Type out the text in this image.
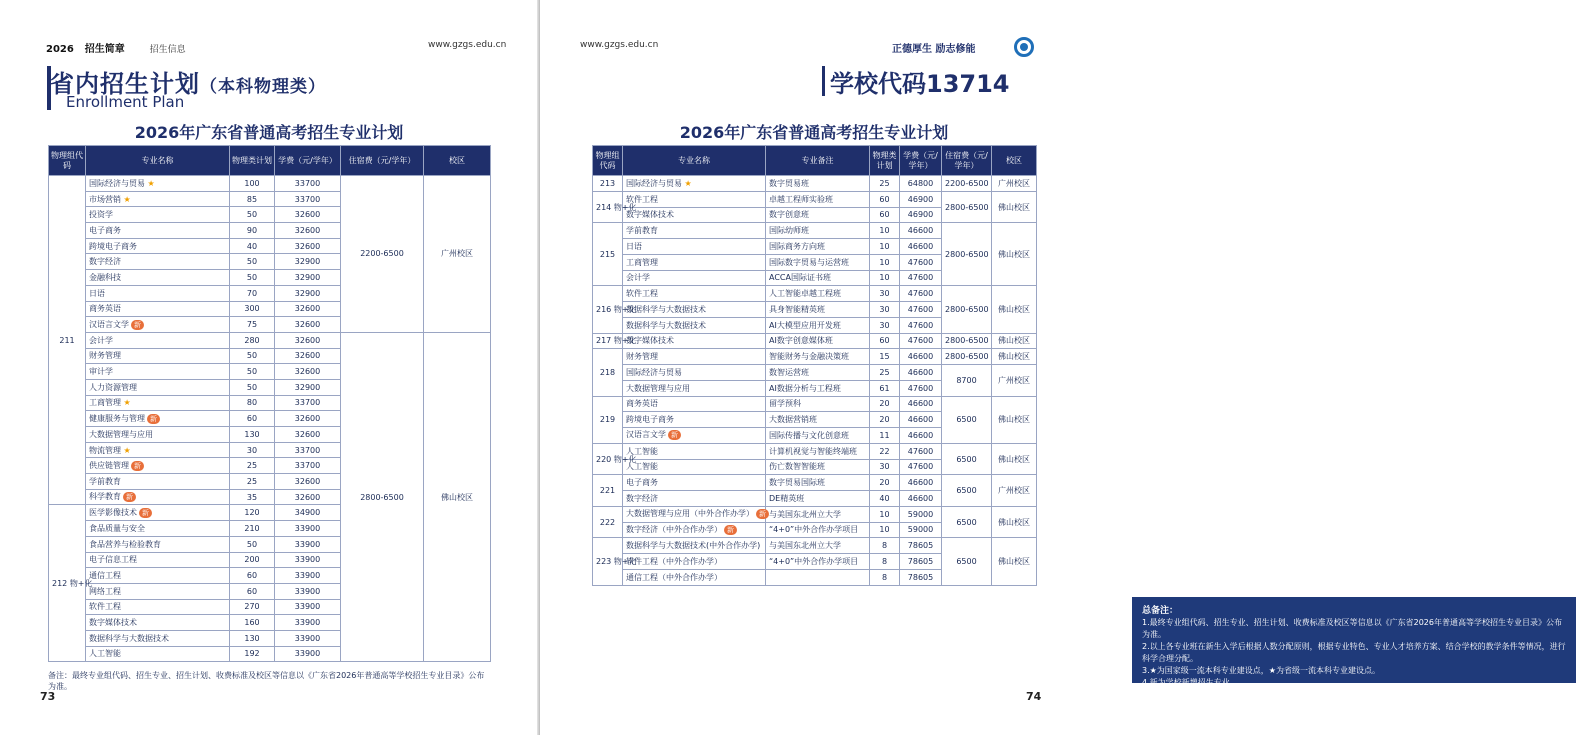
2026 招生简章	招生信息	www.gzgs.edu.cn
省内招生计划（本科物理类）
Enrollment Plan
2026年广东省普通高考招生专业计划
物理组代码	专业名称	物理类计划	学费（元/学年）	住宿费（元/学年）	校区
211	国际经济与贸易 ★	100	33700	2200-6500	广州校区
	市场营销 ★	85	33700		
	投资学	50	32600		
	电子商务	90	32600		
	跨境电子商务	40	32600		
	数字经济	50	32900		
	金融科技	50	32900		
	日语	70	32900		
	商务英语	300	32600		
	汉语言文学 新	75	32600		
	会计学	280	32600	2800-6500	佛山校区
	财务管理	50	32600		
	审计学	50	32600		
	人力资源管理	50	32900		
	工商管理 ★	80	33700		
	健康服务与管理 新	60	32600		
	大数据管理与应用	130	32600		
	物流管理 ★	30	33700		
	供应链管理 新	25	33700		
	学前教育	25	32600		
	科学教育 新	35	32600		
212 物+化	医学影像技术 新	120	34900		
	食品质量与安全	210	33900		
	食品营养与检验教育	50	33900		
	电子信息工程	200	33900		
	通信工程	60	33900		
	网络工程	60	33900		
	软件工程	270	33900		
	数字媒体技术	160	33900		
	数据科学与大数据技术	130	33900		
	人工智能	192	33900		
备注：最终专业组代码、招生专业、招生计划、收费标准及校区等信息以《广东省2026年普通高等学校招生专业目录》公布为准。
73
www.gzgs.edu.cn	正德厚生 励志修能
学校代码13714
2026年广东省普通高考招生专业计划
物理组代码	专业名称	专业备注	物理类计划	学费（元/学年）	住宿费（元/学年）	校区
213	国际经济与贸易 ★	数字贸易班	25	64800	2200-6500	广州校区
214 物+化	软件工程	卓越工程师实验班	60	46900	2800-6500	佛山校区
	数字媒体技术	数字创意班	60	46900		
215	学前教育	国际幼师班	10	46600	2800-6500	佛山校区
	日语	国际商务方向班	10	46600		
	工商管理	国际数字贸易与运营班	10	47600		
	会计学	ACCA国际证书班	10	47600		
216 物+化	软件工程	人工智能卓越工程班	30	47600	2800-6500	佛山校区
	数据科学与大数据技术	具身智能精英班	30	47600		
	数据科学与大数据技术	AI大模型应用开发班	30	47600		
217 物+化	数字媒体技术	AI数字创意媒体班	60	47600	2800-6500	佛山校区
218	财务管理	智能财务与金融决策班	15	46600	2800-6500	佛山校区
	国际经济与贸易	数智运营班	25	46600	8700	广州校区
	大数据管理与应用	AI数据分析与工程班	61	47600		
219	商务英语	留学预科	20	46600	6500	佛山校区
	跨境电子商务	大数据营销班	20	46600		
	汉语言文学 新	国际传播与文化创意班	11	46600		
220 物+化	人工智能	计算机视觉与智能终端班	22	47600	6500	佛山校区
	人工智能	伤亡数智智能班	30	47600		
221	电子商务	数字贸易国际班	20	46600	6500	广州校区
	数字经济	DE精英班	40	46600		
222	大数据管理与应用（中外合作办学） 新	与美国东北州立大学	10	59000	6500	佛山校区
	数字经济（中外合作办学） 新	“4+0”中外合作办学项目	10	59000		
223 物+化	数据科学与大数据技术(中外合作办学)	与美国东北州立大学	8	78605	6500	佛山校区
	软件工程（中外合作办学）	“4+0”中外合作办学项目	8	78605		
	通信工程（中外合作办学）		8	78605		
总备注：
1.最终专业组代码、招生专业、招生计划、收费标准及校区等信息以《广东省2026年普通高等学校招生专业目录》公布为准。
2.以上各专业班在新生入学后根据人数分配原则，根据专业特色、专业人才培养方案、结合学校的教学条件等情况，进行科学合理分配。
3.★为国家级一流本科专业建设点，★为省级一流本科专业建设点。
4.新为学校新增招生专业。
74
